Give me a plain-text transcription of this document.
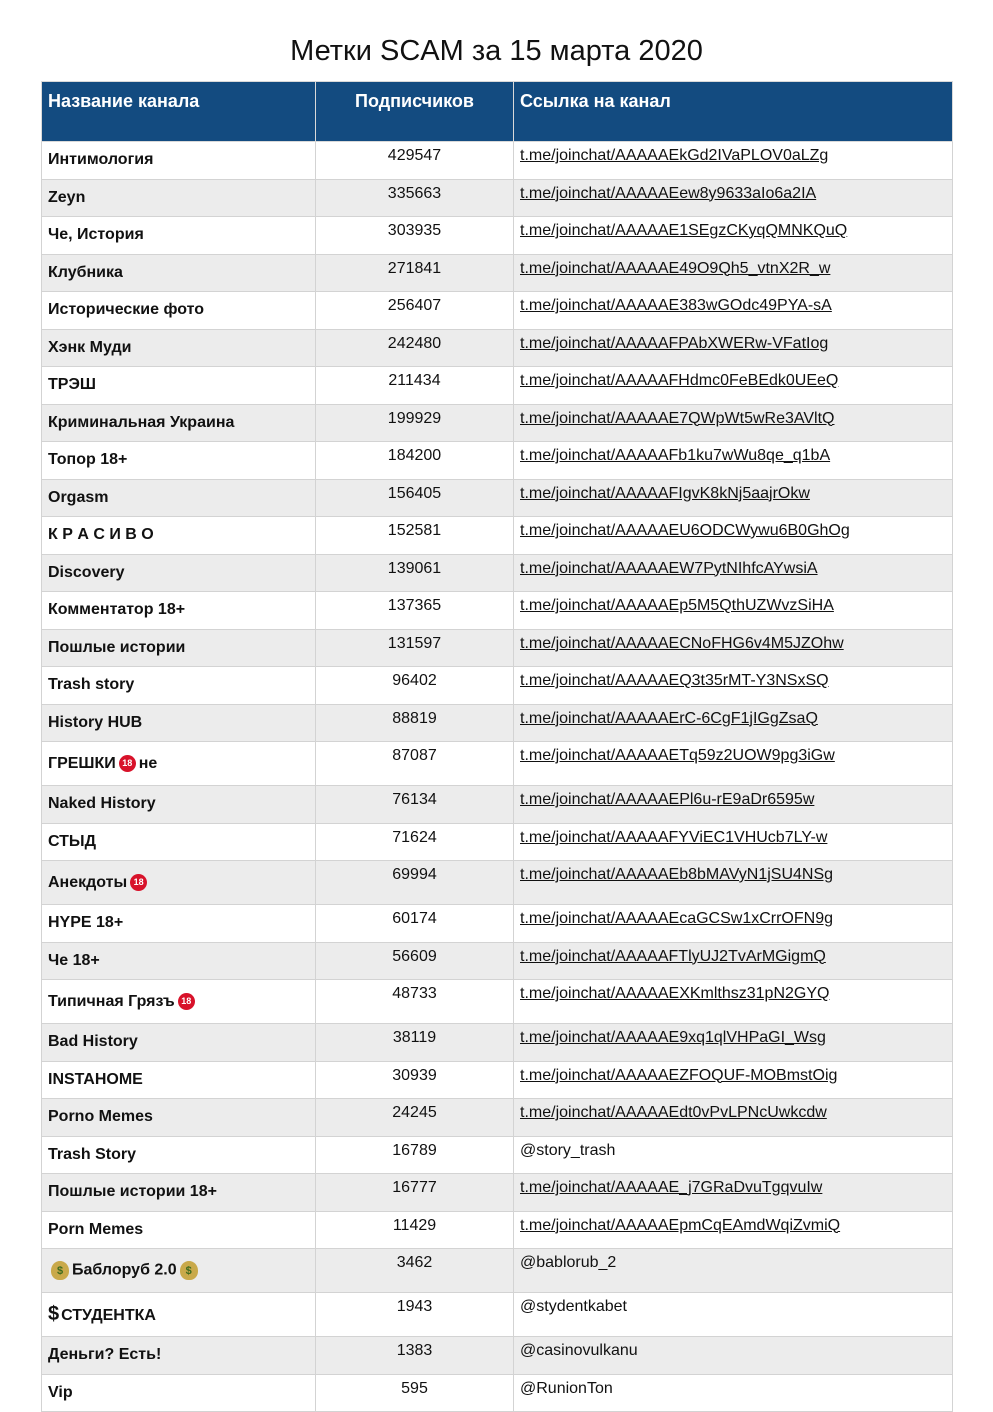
Метки SCAM за 15 марта 2020
Название канала	Подписчиков	Ссылка на канал
Интимология	429547	t.me/joinchat/AAAAAEkGd2IVaPLOV0aLZg
Zeyn	335663	t.me/joinchat/AAAAAEew8y9633aIo6a2IA
Че, История	303935	t.me/joinchat/AAAAAE1SEgzCKyqQMNKQuQ
Клубника	271841	t.me/joinchat/AAAAAE49O9Qh5_vtnX2R_w
Исторические фото	256407	t.me/joinchat/AAAAAE383wGOdc49PYA-sA
Хэнк Муди	242480	t.me/joinchat/AAAAAFPAbXWERw-VFatIog
ТРЭШ	211434	t.me/joinchat/AAAAAFHdmc0FeBEdk0UEeQ
Криминальная Украина	199929	t.me/joinchat/AAAAAE7QWpWt5wRe3AVltQ
Топор 18+	184200	t.me/joinchat/AAAAAFb1ku7wWu8qe_q1bA
Orgasm	156405	t.me/joinchat/AAAAAFIgvK8kNj5aajrOkw
К Р А С И В О	152581	t.me/joinchat/AAAAAEU6ODCWywu6B0GhOg
Discovery	139061	t.me/joinchat/AAAAAEW7PytNIhfcAYwsiA
Комментатор 18+	137365	t.me/joinchat/AAAAAEp5M5QthUZWvzSiHA
Пошлые истории	131597	t.me/joinchat/AAAAAECNoFHG6v4M5JZOhw
Trash story	96402	t.me/joinchat/AAAAAEQ3t35rMT-Y3NSxSQ
History HUB	88819	t.me/joinchat/AAAAAErC-6CgF1jIGgZsaQ
ГРЕШКИ 18 не	87087	t.me/joinchat/AAAAAETq59z2UOW9pg3iGw
Naked History	76134	t.me/joinchat/AAAAAEPl6u-rE9aDr6595w
СТЫД	71624	t.me/joinchat/AAAAAFYViEC1VHUcb7LY-w
Анекдоты 18	69994	t.me/joinchat/AAAAAEb8bMAVyN1jSU4NSg
HYPE 18+	60174	t.me/joinchat/AAAAAEcaGCSw1xCrrOFN9g
Че 18+	56609	t.me/joinchat/AAAAAFTlyUJ2TvArMGigmQ
Типичная Грязъ 18	48733	t.me/joinchat/AAAAAEXKmlthsz31pN2GYQ
Bad History	38119	t.me/joinchat/AAAAAE9xq1qlVHPaGI_Wsg
INSTAHOME	30939	t.me/joinchat/AAAAAEZFOQUF-MOBmstOig
Porno Memes	24245	t.me/joinchat/AAAAAEdt0vPvLPNcUwkcdw
Trash Story	16789	@story_trash
Пошлые истории 18+	16777	t.me/joinchat/AAAAAE_j7GRaDvuTgqvuIw
Porn Memes	11429	t.me/joinchat/AAAAAEpmCqEAmdWqiZvmiQ
$ Баблоруб 2.0 $	3462	@bablorub_2
$ СТУДЕНТКА	1943	@stydentkabet
Деньги? Есть!	1383	@casinovulkanu
Vip	595	@RunionTon
